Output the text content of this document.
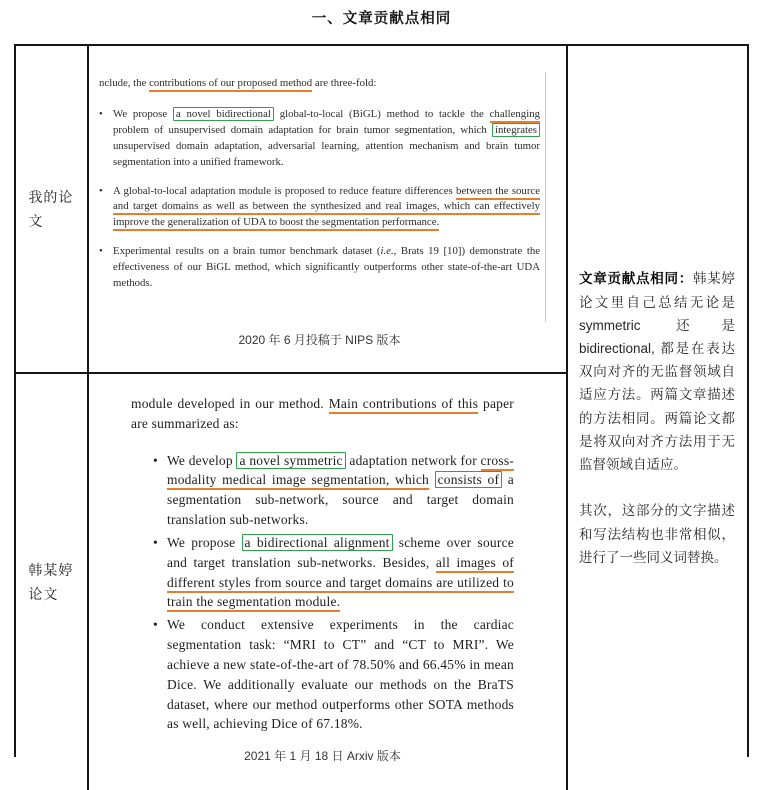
一、文章贡献点相同
我的论文

nclude, the contributions of our proposed method are three-fold:

• We propose a novel bidirectional global-to-local (BiGL) method to tackle the challenging problem of unsupervised domain adaptation for brain tumor segmentation, which integrates unsupervised domain adaptation, adversarial learning, attention mechanism and brain tumor segmentation into a unified framework.
• A global-to-local adaptation module is proposed to reduce feature differences between the source and target domains as well as between the synthesized and real images, which can effectively improve the generalization of UDA to boost the segmentation performance.
• Experimental results on a brain tumor benchmark dataset (i.e., Brats 19 [10]) demonstrate the effectiveness of our BiGL method, which significantly outperforms other state-of-the-art UDA methods.
2020 年 6 月投稿于 NIPS 版本
韩某婷论文

module developed in our method. Main contributions of this paper are summarized as:

• We develop a novel symmetric adaptation network for cross-modality medical image segmentation, which consists of a segmentation sub-network, source and target domain translation sub-networks.
• We propose a bidirectional alignment scheme over source and target translation sub-networks. Besides, all images of different styles from source and target domains are utilized to train the segmentation module.
• We conduct extensive experiments in the cardiac segmentation task: “MRI to CT” and “CT to MRI”. We achieve a new state-of-the-art of 78.50% and 66.45% in mean Dice. We additionally evaluate our methods on the BraTS dataset, where our method outperforms other SOTA methods as well, achieving Dice of 67.18%.
2021 年 1 月 18 日 Arxiv 版本

文章贡献点相同：韩某婷论文里自己总结无论是 symmetric 还是 bidirectional, 都是在表达双向对齐的无监督领域自适应方法。两篇文章描述的方法相同。两篇论文都是将双向对齐方法用于无监督领域自适应。

其次，这部分的文字描述和写法结构也非常相似，进行了一些同义词替换。
